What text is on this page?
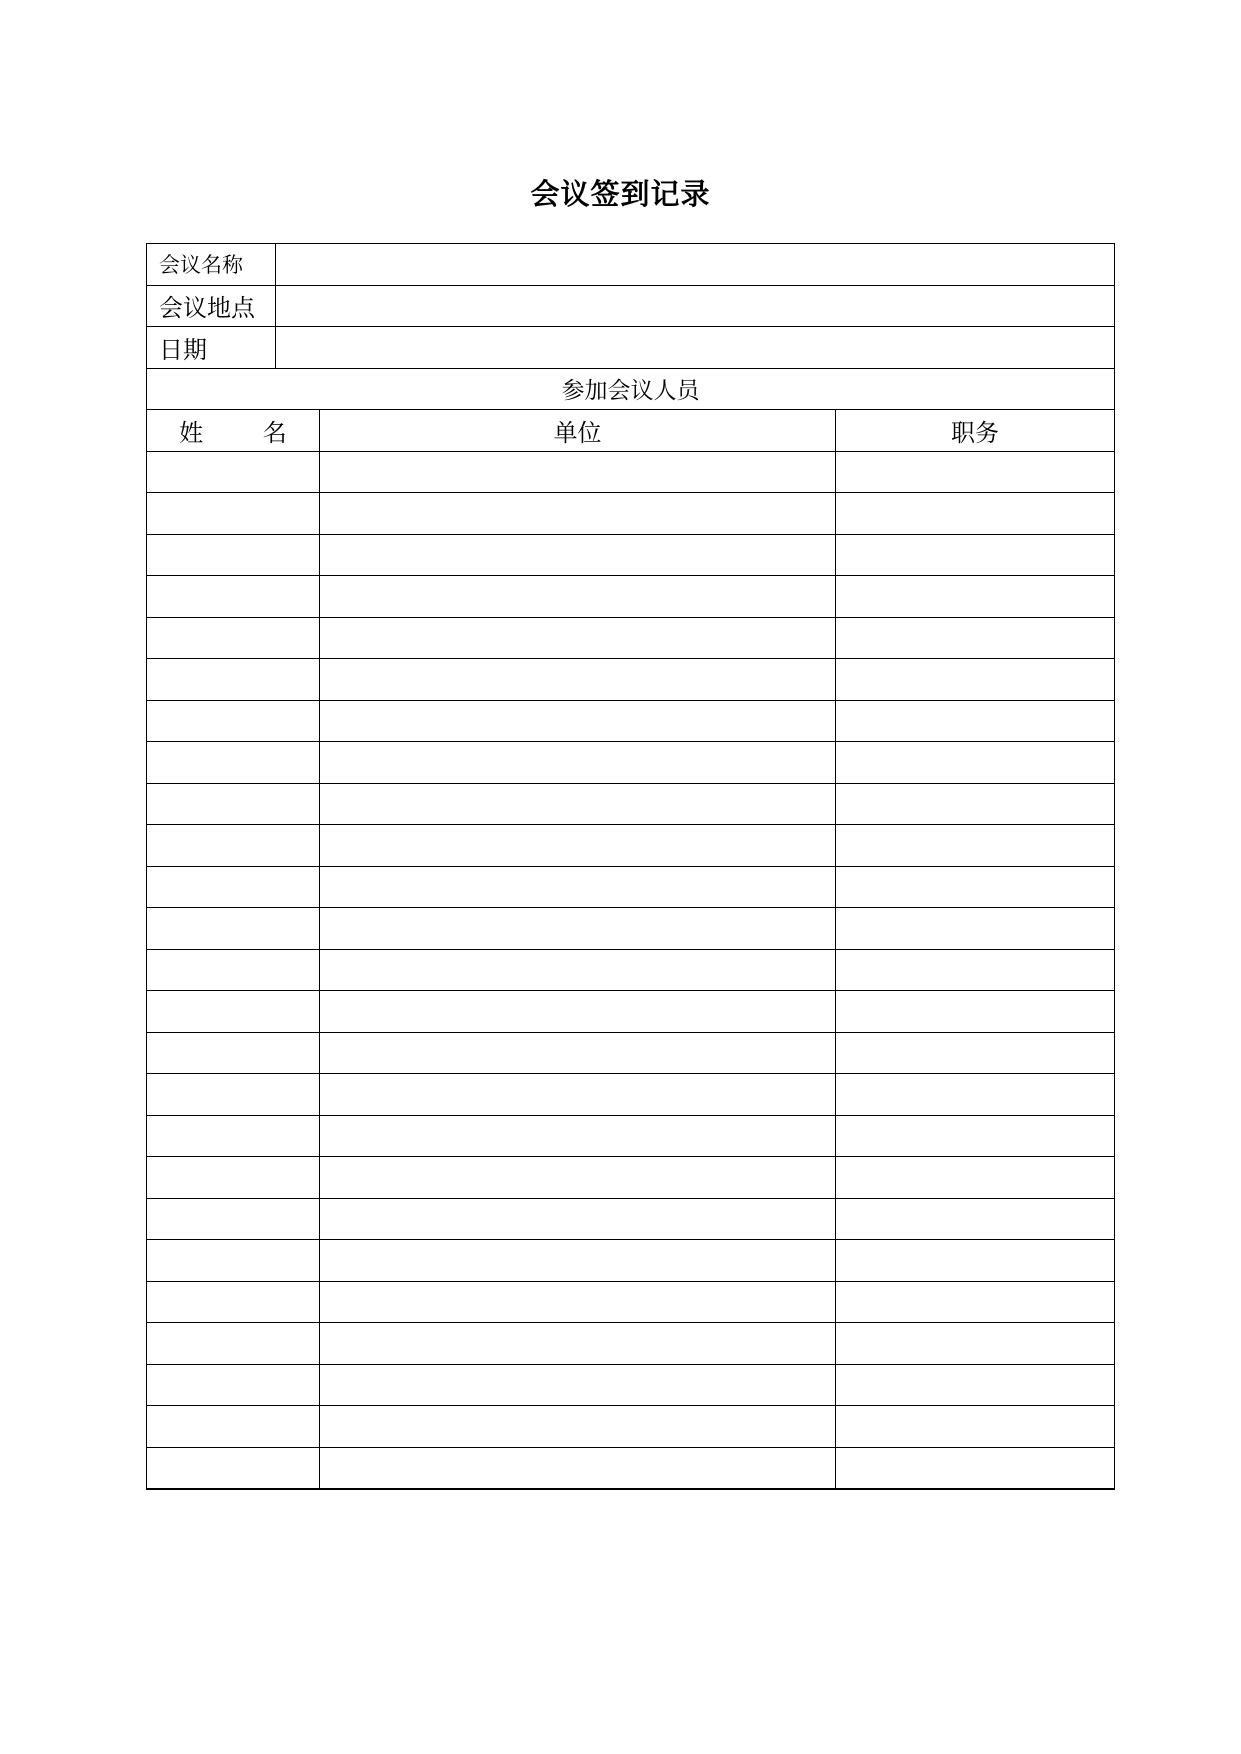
会议签到记录
会议名称			
会议地点			
日期			
参加会议人员			
姓 名		单位	职务
